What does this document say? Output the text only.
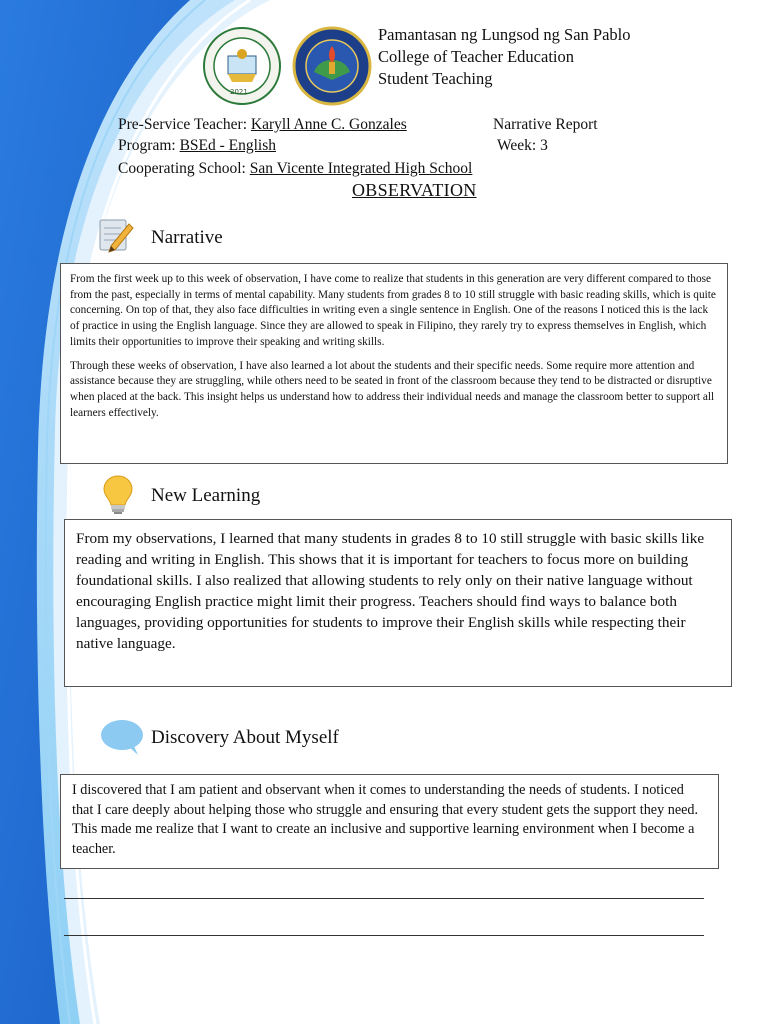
2021
Pamantasan ng Lungsod ng San Pablo
College of Teacher Education
Student Teaching
Pre-Service Teacher: Karyll Anne C. Gonzales	Narrative Report
Program: BSEd - English	Week: 3
Cooperating School: San Vicente Integrated High School
OBSERVATION
Narrative

From the first week up to this week of observation, I have come to realize that students in this generation are very different compared to those from the past, especially in terms of mental capability. Many students from grades 8 to 10 still struggle with basic reading skills, which is quite concerning. On top of that, they also face difficulties in writing even a single sentence in English. One of the reasons I noticed this is the lack of practice in using the English language. Since they are allowed to speak in Filipino, they rarely try to express themselves in English, which limits their opportunities to improve their speaking and writing skills.

Through these weeks of observation, I have also learned a lot about the students and their specific needs. Some require more attention and assistance because they are struggling, while others need to be seated in front of the classroom because they tend to be distracted or disruptive when placed at the back. This insight helps us understand how to address their individual needs and manage the classroom better to support all learners effectively.

New Learning

From my observations, I learned that many students in grades 8 to 10 still struggle with basic skills like reading and writing in English. This shows that it is important for teachers to focus more on building foundational skills. I also realized that allowing students to rely only on their native language without encouraging English practice might limit their progress. Teachers should find ways to balance both languages, providing opportunities for students to improve their English skills while respecting their native language.

Discovery About Myself

I discovered that I am patient and observant when it comes to understanding the needs of students. I noticed that I care deeply about helping those who struggle and ensuring that every student gets the support they need. This made me realize that I want to create an inclusive and supportive learning environment when I become a teacher.
